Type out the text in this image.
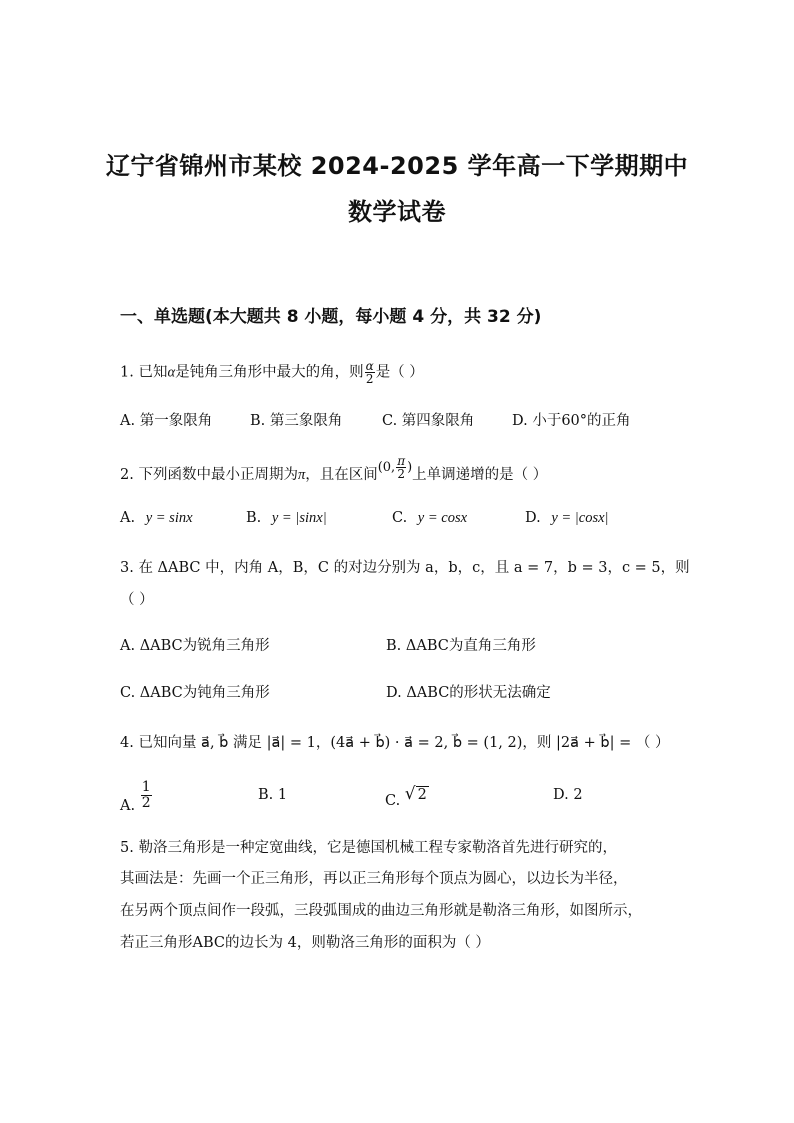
辽宁省锦州市某校 2024-2025 学年高一下学期期中
数学试卷
一、单选题(本大题共 8 小题，每小题 4 分，共 32 分)
1. 已知α是钝角三角形中最大的角，则 $\frac{\alpha}{2}$ 是（ ）
A. 第一象限角	B. 第三象限角	C. 第四象限角	D. 小于60°的正角
2. 下列函数中最小正周期为π，且在区间(0, $\frac{\pi}{2}$ )上单调递增的是（ ）
A. y = sinx	B. y = |sinx|	C. y = cosx	D. y = |cosx|
3. 在 ΔABC 中，内角 A，B，C 的对边分别为 a，b，c，且 a = 7，b = 3，c = 5，则
（ ）
A. ΔABC为锐角三角形	B. ΔABC为直角三角形
C. ΔABC为钝角三角形	D. ΔABC的形状无法确定
4. 已知向量 a⃗, b⃗ 满足 |a⃗| = 1，(4a⃗ + b⃗) · a⃗ = 2, b⃗ = (1, 2)，则 |2a⃗ + b⃗| = （ ）
A. $\frac{1}{2}$	B. 1	C. √ 2	D. 2
5. 勒洛三角形是一种定宽曲线，它是德国机械工程专家勒洛首先进行研究的，
其画法是：先画一个正三角形，再以正三角形每个顶点为圆心，以边长为半径，
在另两个顶点间作一段弧，三段弧围成的曲边三角形就是勒洛三角形，如图所示，
若正三角形ABC的边长为 4，则勒洛三角形的面积为（ ）
